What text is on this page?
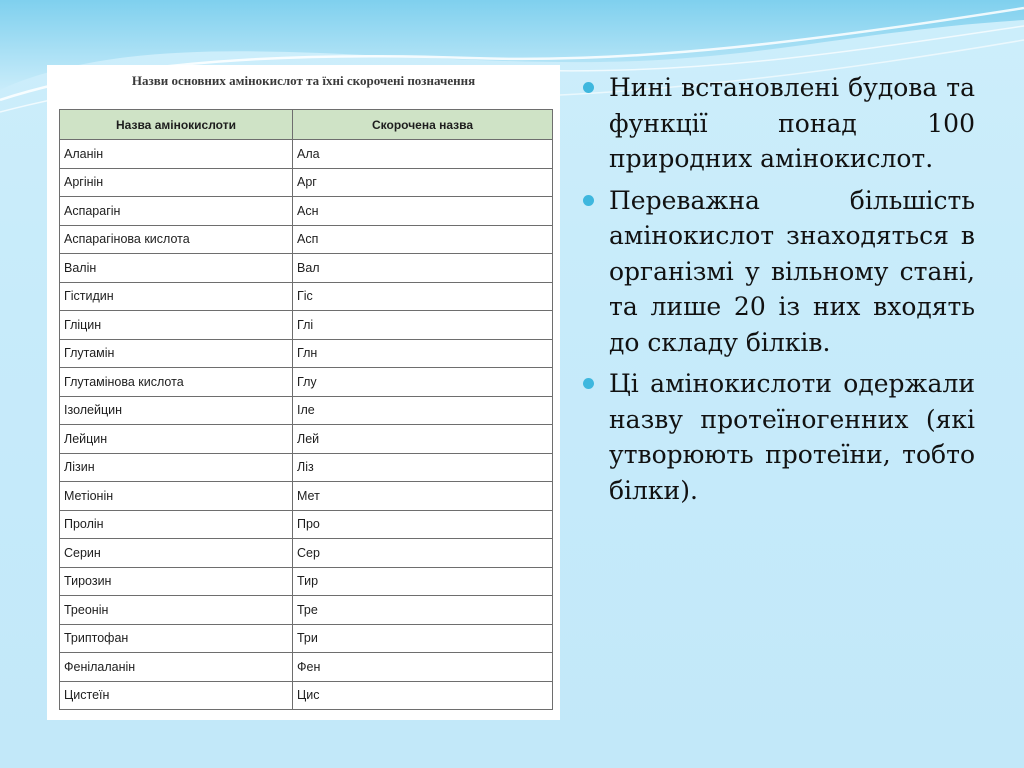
Назви основних амінокислот та їхні скорочені позначення
Назва амінокислоти	Скорочена назва
Аланін	Ала
Аргінін	Арг
Аспарагін	Асн
Аспарагінова кислота	Асп
Валін	Вал
Гістидин	Гіс
Гліцин	Глі
Глутамін	Глн
Глутамінова кислота	Глу
Ізолейцин	Іле
Лейцин	Лей
Лізин	Ліз
Метіонін	Мет
Пролін	Про
Серин	Сер
Тирозин	Тир
Треонін	Тре
Триптофан	Три
Фенілаланін	Фен
Цистеїн	Цис
Нині встановлені будова та функції понад 100 природних амінокислот.
Переважна більшість амінокислот знаходяться в організмі у вільному стані, та лише 20 із них входять до складу білків.
Ці амінокислоти одержали назву протеїногенних (які утворюють протеїни, тобто білки).
